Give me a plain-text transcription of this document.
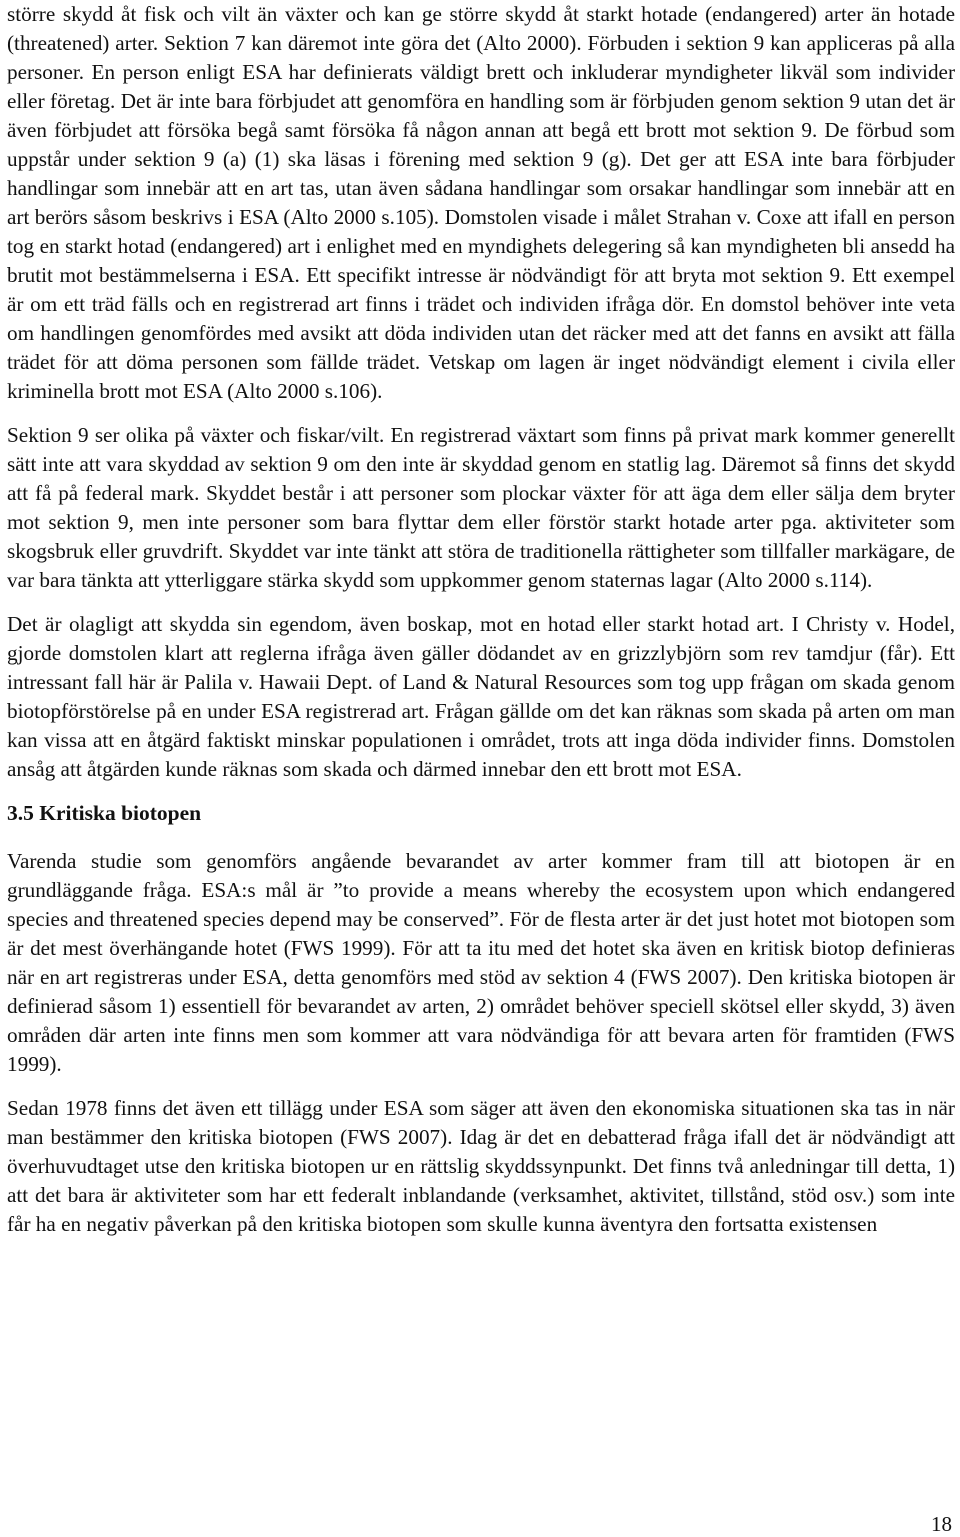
större skydd åt fisk och vilt än växter och kan ge större skydd åt starkt hotade (endangered) arter än hotade (threatened) arter. Sektion 7 kan däremot inte göra det (Alto 2000). Förbuden i sektion 9 kan appliceras på alla personer. En person enligt ESA har definierats väldigt brett och inkluderar myndigheter likväl som individer eller företag. Det är inte bara förbjudet att genomföra en handling som är förbjuden genom sektion 9 utan det är även förbjudet att försöka begå samt försöka få någon annan att begå ett brott mot sektion 9. De förbud som uppstår under sektion 9 (a) (1) ska läsas i förening med sektion 9 (g). Det ger att ESA inte bara förbjuder handlingar som innebär att en art tas, utan även sådana handlingar som orsakar handlingar som innebär att en art berörs såsom beskrivs i ESA (Alto 2000 s.105). Domstolen visade i målet Strahan v. Coxe att ifall en person tog en starkt hotad (endangered) art i enlighet med en myndighets delegering så kan myndigheten bli ansedd ha brutit mot bestämmelserna i ESA. Ett specifikt intresse är nödvändigt för att bryta mot sektion 9. Ett exempel är om ett träd fälls och en registrerad art finns i trädet och individen ifråga dör. En domstol behöver inte veta om handlingen genomfördes med avsikt att döda individen utan det räcker med att det fanns en avsikt att fälla trädet för att döma personen som fällde trädet. Vetskap om lagen är inget nödvändigt element i civila eller kriminella brott mot ESA (Alto 2000 s.106).

Sektion 9 ser olika på växter och fiskar/vilt. En registrerad växtart som finns på privat mark kommer generellt sätt inte att vara skyddad av sektion 9 om den inte är skyddad genom en statlig lag. Däremot så finns det skydd att få på federal mark. Skyddet består i att personer som plockar växter för att äga dem eller sälja dem bryter mot sektion 9, men inte personer som bara flyttar dem eller förstör starkt hotade arter pga. aktiviteter som skogsbruk eller gruvdrift. Skyddet var inte tänkt att störa de traditionella rättigheter som tillfaller markägare, de var bara tänkta att ytterliggare stärka skydd som uppkommer genom staternas lagar (Alto 2000 s.114).

Det är olagligt att skydda sin egendom, även boskap, mot en hotad eller starkt hotad art. I Christy v. Hodel, gjorde domstolen klart att reglerna ifråga även gäller dödandet av en grizzlybjörn som rev tamdjur (får). Ett intressant fall här är Palila v. Hawaii Dept. of Land & Natural Resources som tog upp frågan om skada genom biotopförstörelse på en under ESA registrerad art. Frågan gällde om det kan räknas som skada på arten om man kan vissa att en åtgärd faktiskt minskar populationen i området, trots att inga döda individer finns. Domstolen ansåg att åtgärden kunde räknas som skada och därmed innebar den ett brott mot ESA.

3.5 Kritiska biotopen

Varenda studie som genomförs angående bevarandet av arter kommer fram till att biotopen är en grundläggande fråga. ESA:s mål är ”to provide a means whereby the ecosystem upon which endangered species and threatened species depend may be conserved”. För de flesta arter är det just hotet mot biotopen som är det mest överhängande hotet (FWS 1999). För att ta itu med det hotet ska även en kritisk biotop definieras när en art registreras under ESA, detta genomförs med stöd av sektion 4 (FWS 2007). Den kritiska biotopen är definierad såsom 1) essentiell för bevarandet av arten, 2) området behöver speciell skötsel eller skydd, 3) även områden där arten inte finns men som kommer att vara nödvändiga för att bevara arten för framtiden (FWS 1999).

Sedan 1978 finns det även ett tillägg under ESA som säger att även den ekonomiska situationen ska tas in när man bestämmer den kritiska biotopen (FWS 2007). Idag är det en debatterad fråga ifall det är nödvändigt att överhuvudtaget utse den kritiska biotopen ur en rättslig skyddssynpunkt. Det finns två anledningar till detta, 1) att det bara är aktiviteter som har ett federalt inblandande (verksamhet, aktivitet, tillstånd, stöd osv.) som inte får ha en negativ påverkan på den kritiska biotopen som skulle kunna äventyra den fortsatta existensen

18
